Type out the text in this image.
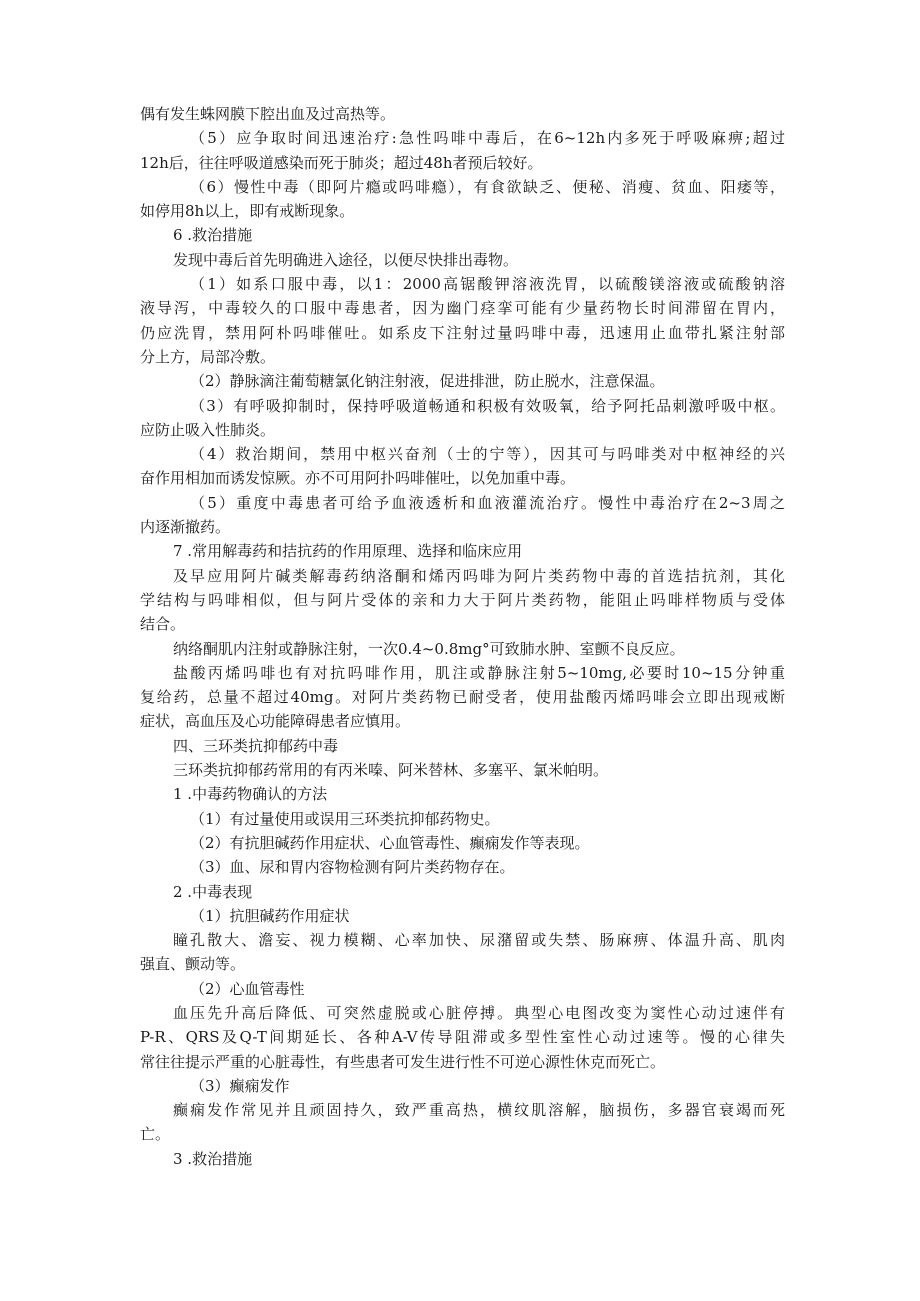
偶有发生蛛网膜下腔出血及过高热等。
（5）应争取时间迅速治疗:急性吗啡中毒后，在6~12h内多死于呼吸麻痹;超过
12h后，往往呼吸道感染而死于肺炎；超过48h者预后较好。
（6）慢性中毒（即阿片瘾或吗啡瘾），有食欲缺乏、便秘、消瘦、贫血、阳痿等，
如停用8h以上，即有戒断现象。
6 .救治措施
发现中毒后首先明确进入途径，以便尽快排出毒物。
（1）如系口服中毒，以1：2000高锯酸钾溶液洗胃，以硫酸镁溶液或硫酸钠溶
液导泻，中毒较久的口服中毒患者，因为幽门痉挛可能有少量药物长时间滞留在胃内，
仍应洗胃，禁用阿朴吗啡催吐。如系皮下注射过量吗啡中毒，迅速用止血带扎紧注射部
分上方，局部冷敷。
（2）静脉滴注葡萄糖氯化钠注射液，促进排泄，防止脱水，注意保温。
（3）有呼吸抑制时，保持呼吸道畅通和积极有效吸氧，给予阿托品刺激呼吸中枢。
应防止吸入性肺炎。
（4）救治期间，禁用中枢兴奋剂（士的宁等），因其可与吗啡类对中枢神经的兴
奋作用相加而诱发惊厥。亦不可用阿扑吗啡催吐，以免加重中毒。
（5）重度中毒患者可给予血液透析和血液灌流治疗。慢性中毒治疗在2~3周之
内逐渐撤药。
7 .常用解毒药和拮抗药的作用原理、选择和临床应用
及早应用阿片碱类解毒药纳洛酮和烯丙吗啡为阿片类药物中毒的首选拮抗剂，其化
学结构与吗啡相似，但与阿片受体的亲和力大于阿片类药物，能阻止吗啡样物质与受体
结合。
纳络酮肌内注射或静脉注射，一次0.4~0.8mg°可致肺水肿、室颤不良反应。
盐酸丙烯吗啡也有对抗吗啡作用，肌注或静脉注射5~10mg,必要时10~15分钟重
复给药，总量不超过40mg。对阿片类药物已耐受者，使用盐酸丙烯吗啡会立即出现戒断
症状，高血压及心功能障碍患者应慎用。
四、三环类抗抑郁药中毒
三环类抗抑郁药常用的有丙米嗪、阿米替林、多塞平、氯米帕明。
1 .中毒药物确认的方法
（1）有过量使用或误用三环类抗抑郁药物史。
（2）有抗胆碱药作用症状、心血管毒性、癫痫发作等表现。
（3）血、尿和胃内容物检测有阿片类药物存在。
2 .中毒表现
（1）抗胆碱药作用症状
瞳孔散大、澹妄、视力模糊、心率加快、尿潴留或失禁、肠麻痹、体温升高、肌肉
强直、颤动等。
（2）心血管毒性
血压先升高后降低、可突然虚脱或心脏停搏。典型心电图改变为窦性心动过速伴有
P-R、QRS及Q-T间期延长、各种A-V传导阻滞或多型性室性心动过速等。慢的心律失
常往往提示严重的心脏毒性，有些患者可发生进行性不可逆心源性休克而死亡。
（3）癫痫发作
癫痫发作常见并且顽固持久，致严重高热，横纹肌溶解，脑损伤，多器官衰竭而死
亡。
3 .救治措施
